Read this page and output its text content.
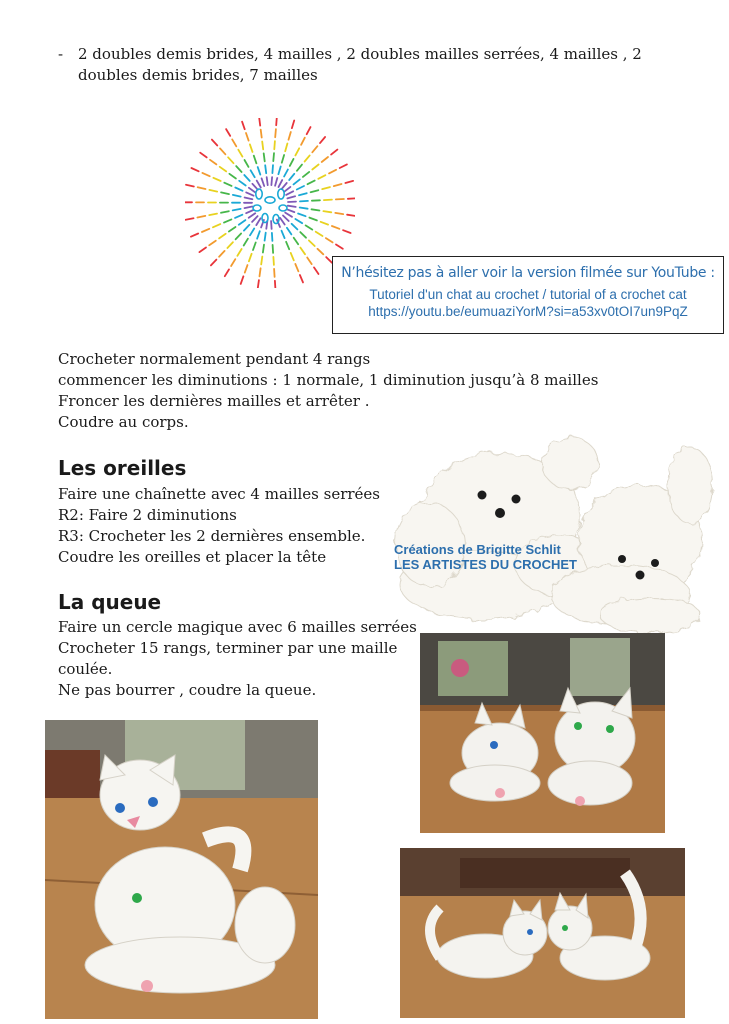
- 2 doubles demis brides, 4 mailles , 2 doubles mailles serrées, 4 mailles , 2 doubles demis brides, 7 mailles

N’hésitez pas à aller voir la version filmée sur YouTube :

Tutoriel d'un chat au crochet / tutorial of a crochet cat

https://youtu.be/eumuaziYorM?si=a53xv0tOI7un9PqZ

Crocheter normalement pendant 4 rangs

commencer les diminutions : 1 normale, 1 diminution jusqu’à 8 mailles

Froncer les dernières mailles et arrêter .

Coudre au corps.

Les oreilles

Faire une chaînette avec 4 mailles serrées

R2: Faire 2 diminutions

R3: Crocheter les 2 dernières ensemble.

Coudre les oreilles et placer la tête

La queue

Faire un cercle magique avec 6 mailles serrées

Crocheter 15 rangs, terminer par une maille

coulée.

Ne pas bourrer , coudre la queue.

Créations de Brigitte Schlit
LES ARTISTES DU CROCHET
